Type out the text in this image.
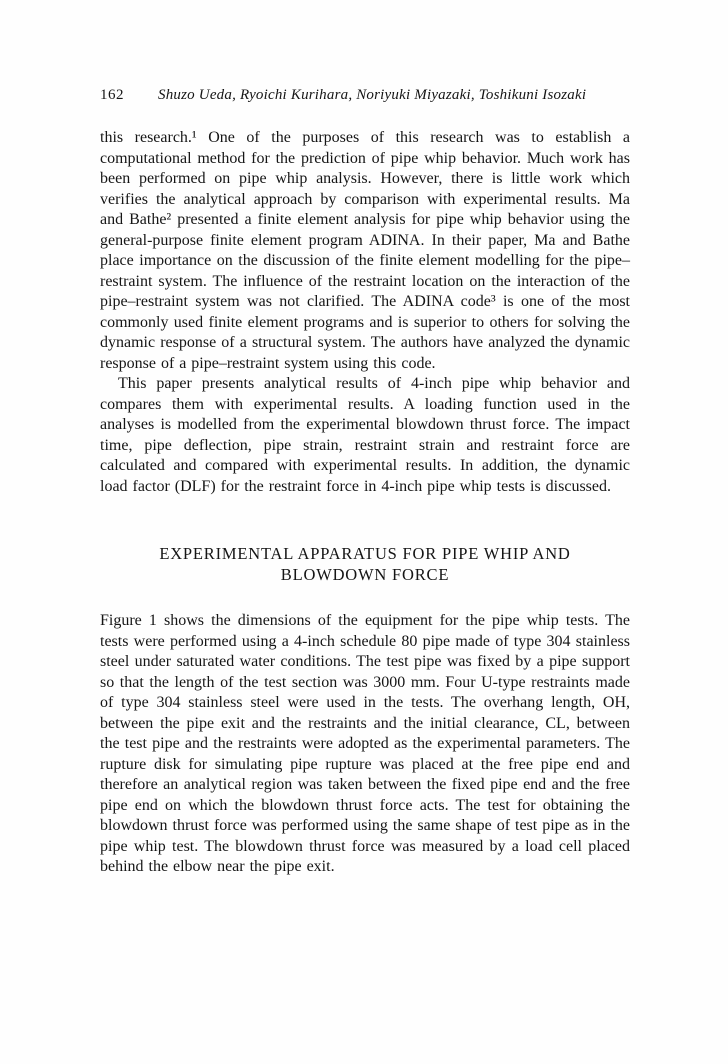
162 Shuzo Ueda, Ryoichi Kurihara, Noriyuki Miyazaki, Toshikuni Isozaki

this research.¹ One of the purposes of this research was to establish a computational method for the prediction of pipe whip behavior. Much work has been performed on pipe whip analysis. However, there is little work which verifies the analytical approach by comparison with experimental results. Ma and Bathe² presented a finite element analysis for pipe whip behavior using the general-purpose finite element program ADINA. In their paper, Ma and Bathe place importance on the discussion of the finite element modelling for the pipe–restraint system. The influence of the restraint location on the interaction of the pipe–restraint system was not clarified. The ADINA code³ is one of the most commonly used finite element programs and is superior to others for solving the dynamic response of a structural system. The authors have analyzed the dynamic response of a pipe–restraint system using this code.

This paper presents analytical results of 4-inch pipe whip behavior and compares them with experimental results. A loading function used in the analyses is modelled from the experimental blowdown thrust force. The impact time, pipe deflection, pipe strain, restraint strain and restraint force are calculated and compared with experimental results. In addition, the dynamic load factor (DLF) for the restraint force in 4-inch pipe whip tests is discussed.

EXPERIMENTAL APPARATUS FOR PIPE WHIP AND
BLOWDOWN FORCE

Figure 1 shows the dimensions of the equipment for the pipe whip tests. The tests were performed using a 4-inch schedule 80 pipe made of type 304 stainless steel under saturated water conditions. The test pipe was fixed by a pipe support so that the length of the test section was 3000 mm. Four U-type restraints made of type 304 stainless steel were used in the tests. The overhang length, OH, between the pipe exit and the restraints and the initial clearance, CL, between the test pipe and the restraints were adopted as the experimental parameters. The rupture disk for simulating pipe rupture was placed at the free pipe end and therefore an analytical region was taken between the fixed pipe end and the free pipe end on which the blowdown thrust force acts. The test for obtaining the blowdown thrust force was performed using the same shape of test pipe as in the pipe whip test. The blowdown thrust force was measured by a load cell placed behind the elbow near the pipe exit.
